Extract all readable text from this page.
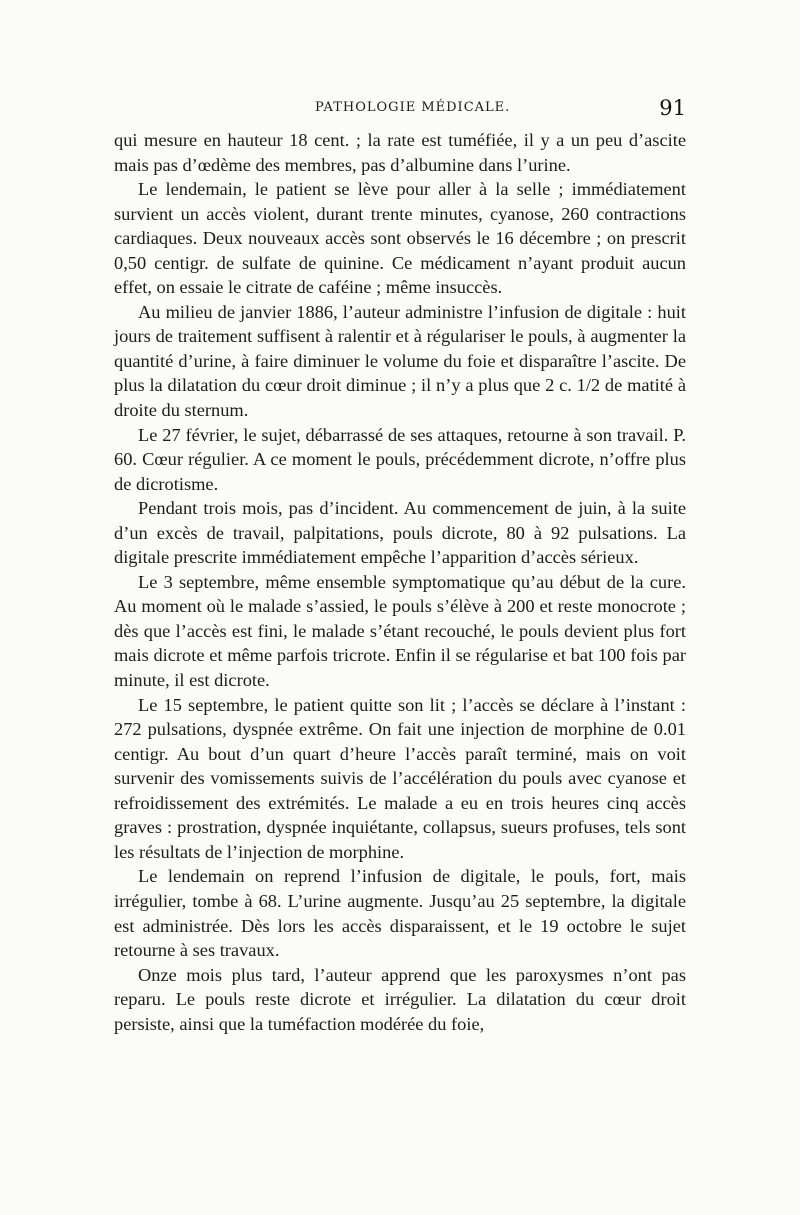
PATHOLOGIE MÉDICALE.	91

qui mesure en hauteur 18 cent. ; la rate est tuméfiée, il y a un peu d’ascite mais pas d’œdème des membres, pas d’albumine dans l’urine.

Le lendemain, le patient se lève pour aller à la selle ; immédiatement survient un accès violent, durant trente minutes, cyanose, 260 contractions cardiaques. Deux nouveaux accès sont observés le 16 décembre ; on prescrit 0,50 centigr. de sulfate de quinine. Ce médicament n’ayant produit aucun effet, on essaie le citrate de caféine ; même insuccès.

Au milieu de janvier 1886, l’auteur administre l’infusion de digitale : huit jours de traitement suffisent à ralentir et à régulariser le pouls, à augmenter la quantité d’urine, à faire diminuer le volume du foie et disparaître l’ascite. De plus la dilatation du cœur droit diminue ; il n’y a plus que 2 c. 1/2 de matité à droite du sternum.

Le 27 février, le sujet, débarrassé de ses attaques, retourne à son travail. P. 60. Cœur régulier. A ce moment le pouls, précédemment dicrote, n’offre plus de dicrotisme.

Pendant trois mois, pas d’incident. Au commencement de juin, à la suite d’un excès de travail, palpitations, pouls dicrote, 80 à 92 pulsations. La digitale prescrite immédiatement empêche l’apparition d’accès sérieux.

Le 3 septembre, même ensemble symptomatique qu’au début de la cure. Au moment où le malade s’assied, le pouls s’élève à 200 et reste monocrote ; dès que l’accès est fini, le malade s’étant recouché, le pouls devient plus fort mais dicrote et même parfois tricrote. Enfin il se régularise et bat 100 fois par minute, il est dicrote.

Le 15 septembre, le patient quitte son lit ; l’accès se déclare à l’instant : 272 pulsations, dyspnée extrême. On fait une injection de morphine de 0.01 centigr. Au bout d’un quart d’heure l’accès paraît terminé, mais on voit survenir des vomissements suivis de l’accélération du pouls avec cyanose et refroidissement des extrémités. Le malade a eu en trois heures cinq accès graves : prostration, dyspnée inquiétante, collapsus, sueurs profuses, tels sont les résultats de l’injection de morphine.

Le lendemain on reprend l’infusion de digitale, le pouls, fort, mais irrégulier, tombe à 68. L’urine augmente. Jusqu’au 25 septembre, la digitale est administrée. Dès lors les accès disparaissent, et le 19 octobre le sujet retourne à ses travaux.

Onze mois plus tard, l’auteur apprend que les paroxysmes n’ont pas reparu. Le pouls reste dicrote et irrégulier. La dilatation du cœur droit persiste, ainsi que la tuméfaction modérée du foie,
